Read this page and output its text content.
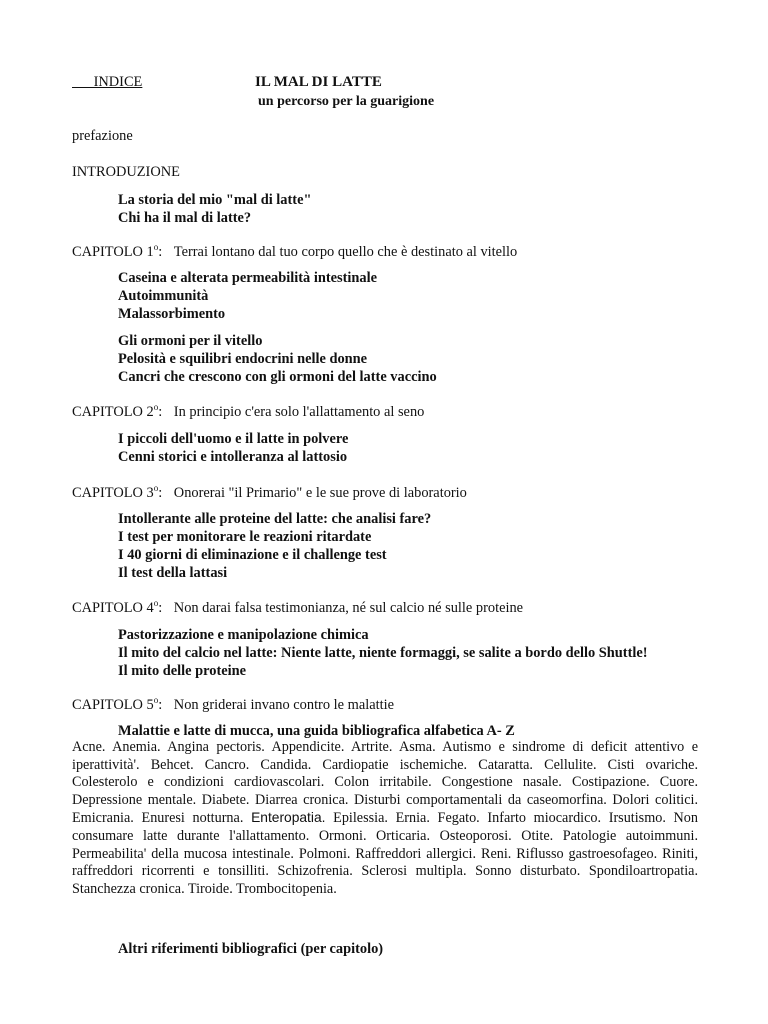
INDICE	IL MAL DI LATTE
un percorso per la guarigione
prefazione
INTRODUZIONE
La storia del mio "mal di latte"
Chi ha il mal di latte?
CAPITOLO 1$^o$: Terrai lontano dal tuo corpo quello che è destinato al vitello
Caseina e alterata permeabilità intestinale
Autoimmunità
Malassorbimento
Gli ormoni per il vitello
Pelosità e squilibri endocrini nelle donne
Cancri che crescono con gli ormoni del latte vaccino
CAPITOLO 2$^o$: In principio c'era solo l'allattamento al seno
I piccoli dell'uomo e il latte in polvere
Cenni storici e intolleranza al lattosio
CAPITOLO 3$^o$: Onorerai "il Primario" e le sue prove di laboratorio
Intollerante alle proteine del latte: che analisi fare?
I test per monitorare le reazioni ritardate
I 40 giorni di eliminazione e il challenge test
Il test della lattasi
CAPITOLO 4$^o$: Non darai falsa testimonianza, né sul calcio né sulle proteine
Pastorizzazione e manipolazione chimica
Il mito del calcio nel latte: Niente latte, niente formaggi, se salite a bordo dello Shuttle!
Il mito delle proteine
CAPITOLO 5$^o$: Non griderai invano contro le malattie
Malattie e latte di mucca, una guida bibliografica alfabetica A- Z
Acne. Anemia. Angina pectoris. Appendicite. Artrite. Asma. Autismo e sindrome di deficit attentivo e iperattività'. Behcet. Cancro. Candida. Cardiopatie ischemiche. Cataratta. Cellulite. Cisti ovariche. Colesterolo e condizioni cardiovascolari. Colon irritabile. Congestione nasale. Costipazione. Cuore. Depressione mentale. Diabete. Diarrea cronica. Disturbi comportamentali da caseomorfina. Dolori colitici. Emicrania. Enuresi notturna. Enteropatia. Epilessia. Ernia. Fegato. Infarto miocardico. Irsutismo. Non consumare latte durante l'allattamento. Ormoni. Orticaria. Osteoporosi. Otite. Patologie autoimmuni. Permeabilita' della mucosa intestinale. Polmoni. Raffreddori allergici. Reni. Riflusso gastroesofageo. Riniti, raffreddori ricorrenti e tonsilliti. Schizofrenia. Sclerosi multipla. Sonno disturbato. Spondiloartropatia. Stanchezza cronica. Tiroide. Trombocitopenia.
Altri riferimenti bibliografici (per capitolo)
